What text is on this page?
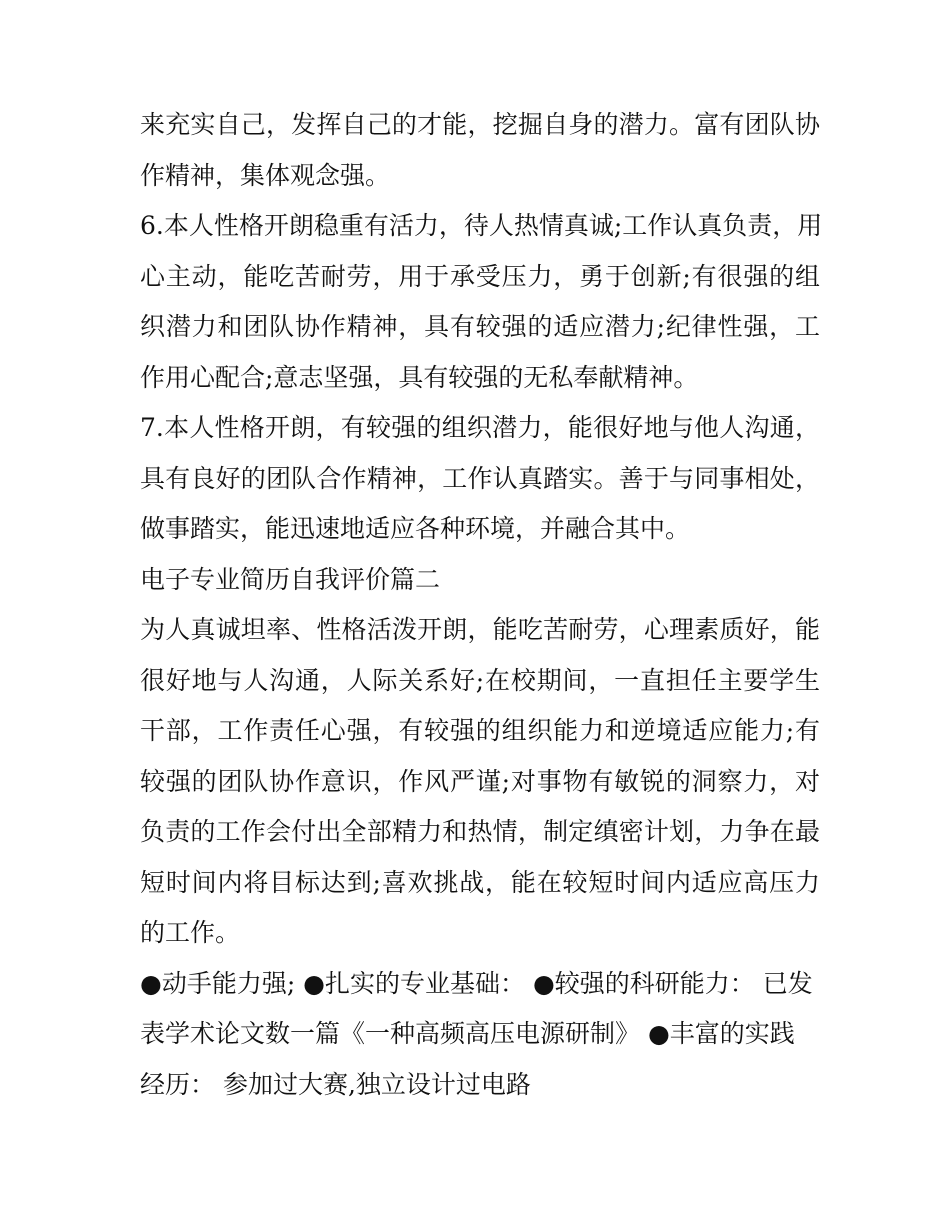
来充实自己，发挥自己的才能，挖掘自身的潜力。富有团队协
作精神，集体观念强。
6.本人性格开朗稳重有活力，待人热情真诚;工作认真负责，用
心主动，能吃苦耐劳，用于承受压力，勇于创新;有很强的组
织潜力和团队协作精神，具有较强的适应潜力;纪律性强，工
作用心配合;意志坚强，具有较强的无私奉献精神。
7.本人性格开朗，有较强的组织潜力，能很好地与他人沟通，
具有良好的团队合作精神，工作认真踏实。善于与同事相处，
做事踏实，能迅速地适应各种环境，并融合其中。
电子专业简历自我评价篇二
为人真诚坦率、性格活泼开朗，能吃苦耐劳，心理素质好，能
很好地与人沟通，人际关系好;在校期间，一直担任主要学生
干部，工作责任心强，有较强的组织能力和逆境适应能力;有
较强的团队协作意识，作风严谨;对事物有敏锐的洞察力，对
负责的工作会付出全部精力和热情，制定缜密计划，力争在最
短时间内将目标达到;喜欢挑战，能在较短时间内适应高压力
的工作。
●动手能力强; ●扎实的专业基础： ●较强的科研能力： 已发
表学术论文数一篇《一种高频高压电源研制》 ●丰富的实践
经历： 参加过大赛,独立设计过电路
